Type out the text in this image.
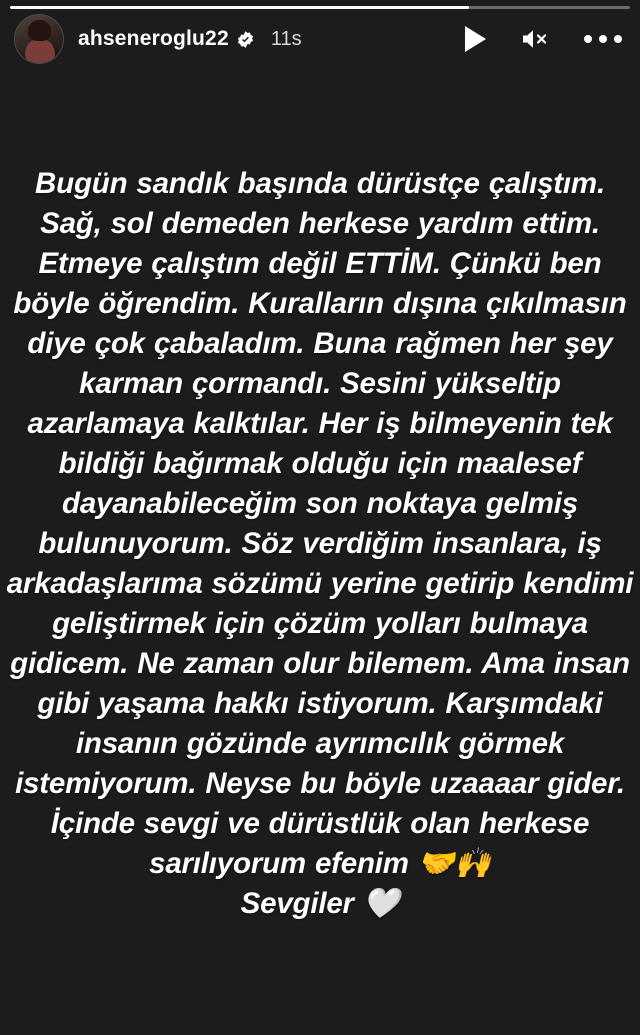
ahseneroglu22 11s
Bugün sandık başında dürüstçe çalıştım. Sağ, sol demeden herkese yardım ettim. Etmeye çalıştım değil ETTİM. Çünkü ben böyle öğrendim. Kuralların dışına çıkılmasın diye çok çabaladım. Buna rağmen her şey karman çormandı. Sesini yükseltip azarlamaya kalktılar. Her iş bilmeyenin tek bildiği bağırmak olduğu için maalesef dayanabileceğim son noktaya gelmiş bulunuyorum. Söz verdiğim insanlara, iş arkadaşlarıma sözümü yerine getirip kendimi geliştirmek için çözüm yolları bulmaya gidicem. Ne zaman olur bilemem. Ama insan gibi yaşama hakkı istiyorum. Karşımdaki insanın gözünde ayrımcılık görmek istemiyorum. Neyse bu böyle uzaaaar gider. İçinde sevgi ve dürüstlük olan herkese sarılıyorum efenim 🤝🙌
Sevgiler 🤍
